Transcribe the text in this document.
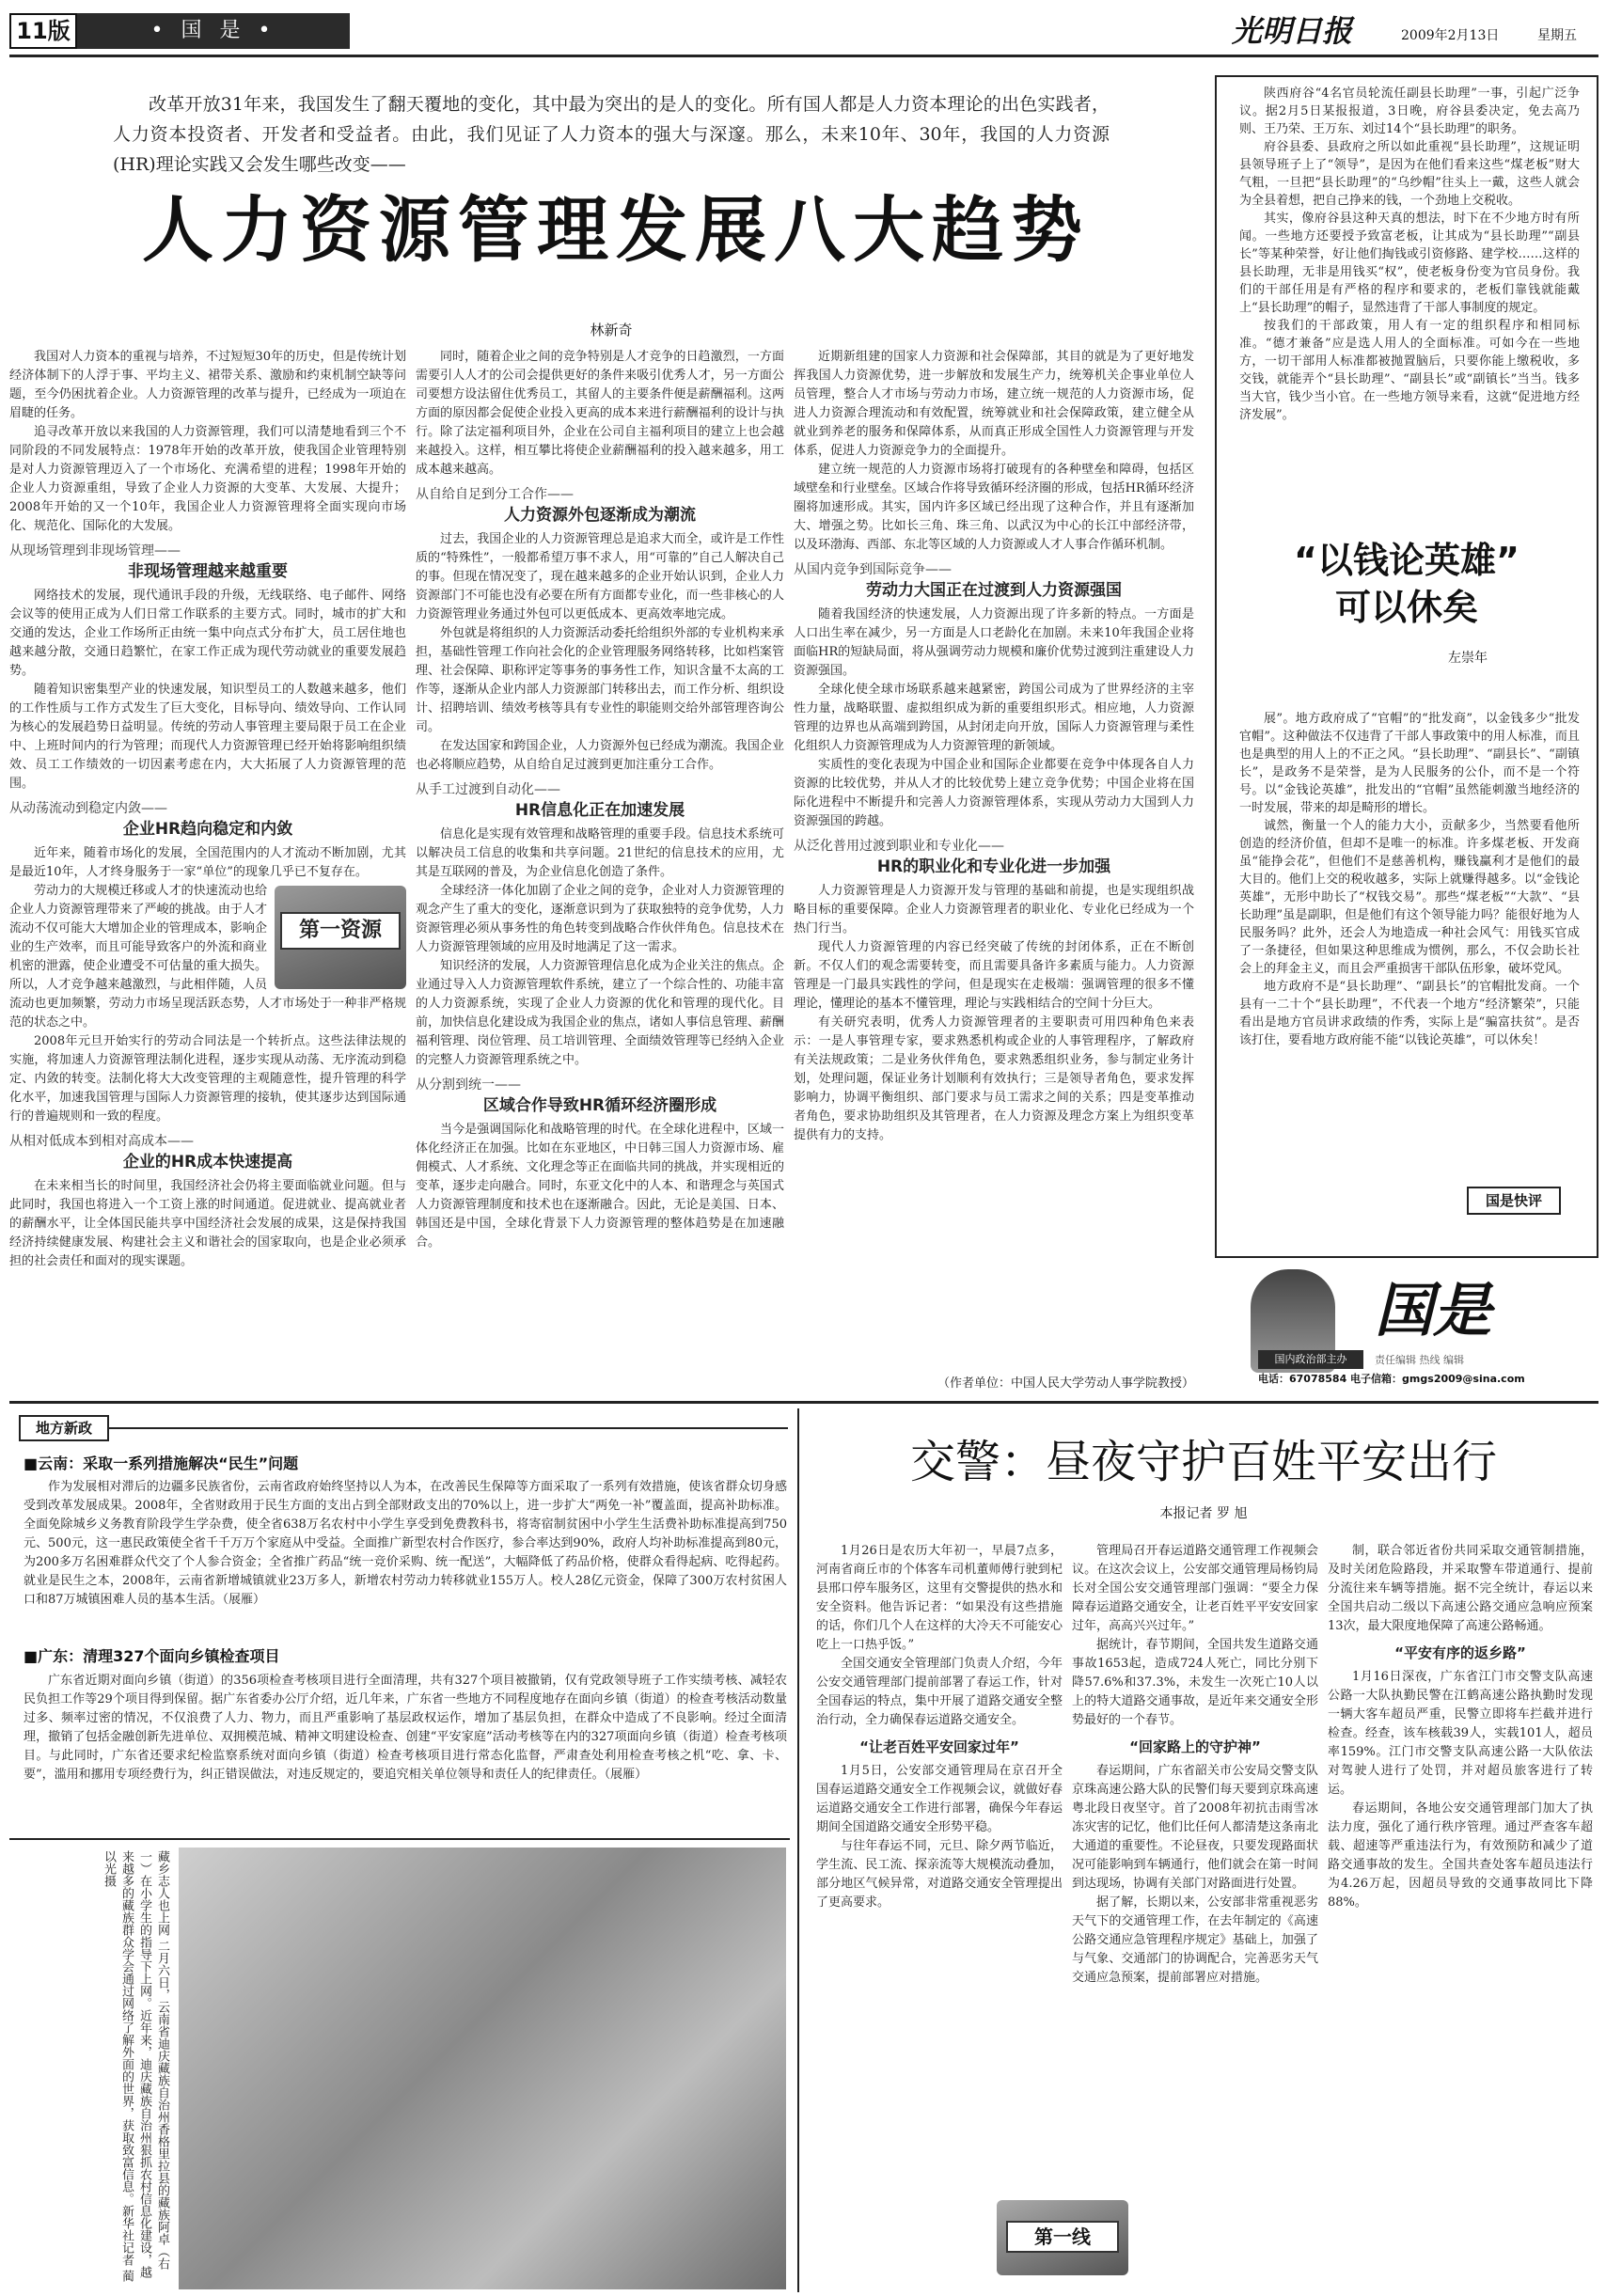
11版	• 国 是 •	光明日报	2009年2月13日	星期五
改革开放31年来，我国发生了翻天覆地的变化，其中最为突出的是人的变化。所有国人都是人力资本理论的出色实践者，人力资本投资者、开发者和受益者。由此，我们见证了人力资本的强大与深邃。那么，未来10年、30年，我国的人力资源(HR)理论实践又会发生哪些改变——
人力资源管理发展八大趋势
林新奇

我国对人力资本的重视与培养，不过短短30年的历史，但是传统计划经济体制下的人浮于事、平均主义、裙带关系、激励和约束机制空缺等问题，至今仍困扰着企业。人力资源管理的改革与提升，已经成为一项迫在眉睫的任务。

追寻改革开放以来我国的人力资源管理，我们可以清楚地看到三个不同阶段的不同发展特点：1978年开始的改革开放，使我国企业管理特别是对人力资源管理迈入了一个市场化、充满希望的进程；1998年开始的企业人力资源重组，导致了企业人力资源的大变革、大发展、大提升；2008年开始的又一个10年，我国企业人力资源管理将全面实现向市场化、规范化、国际化的大发展。

从现场管理到非现场管理——
非现场管理越来越重要

网络技术的发展，现代通讯手段的升级，无线联络、电子邮件、网络会议等的使用正成为人们日常工作联系的主要方式。同时，城市的扩大和交通的发达，企业工作场所正由统一集中向点式分布扩大，员工居住地也越来越分散，交通日趋繁忙，在家工作正成为现代劳动就业的重要发展趋势。

随着知识密集型产业的快速发展，知识型员工的人数越来越多，他们的工作性质与工作方式发生了巨大变化，目标导向、绩效导向、工作认同为核心的发展趋势日益明显。传统的劳动人事管理主要局限于员工在企业中、上班时间内的行为管理；而现代人力资源管理已经开始将影响组织绩效、员工工作绩效的一切因素考虑在内，大大拓展了人力资源管理的范围。

从动荡流动到稳定内敛——
企业HR趋向稳定和内敛

近年来，随着市场化的发展，全国范围内的人才流动不断加剧，尤其是最近10年，人才终身服务于一家“单位”的现象几乎已不复存在。

第一资源

劳动力的大规模迁移或人才的快速流动也给企业人力资源管理带来了严峻的挑战。由于人才流动不仅可能大大增加企业的管理成本，影响企业的生产效率，而且可能导致客户的外流和商业机密的泄露，使企业遭受不可估量的重大损失。所以，人才竞争越来越激烈，与此相伴随，人员流动也更加频繁，劳动力市场呈现活跃态势，人才市场处于一种非严格规范的状态之中。

2008年元旦开始实行的劳动合同法是一个转折点。这些法律法规的实施，将加速人力资源管理法制化进程，逐步实现从动荡、无序流动到稳定、内敛的转变。法制化将大大改变管理的主观随意性，提升管理的科学化水平，加速我国管理与国际人力资源管理的接轨，使其逐步达到国际通行的普遍规则和一致的程度。

从相对低成本到相对高成本——
企业的HR成本快速提高

在未来相当长的时间里，我国经济社会仍将主要面临就业问题。但与此同时，我国也将进入一个工资上涨的时间通道。促进就业、提高就业者的薪酬水平，让全体国民能共享中国经济社会发展的成果，这是保持我国经济持续健康发展、构建社会主义和谐社会的国家取向，也是企业必须承担的社会责任和面对的现实课题。

同时，随着企业之间的竞争特别是人才竞争的日趋激烈，一方面需要引人人才的公司会提供更好的条件来吸引优秀人才，另一方面公司要想方设法留住优秀员工，其留人的主要条件便是薪酬福利。这两方面的原因都会促使企业投入更高的成本来进行薪酬福利的设计与执行。除了法定福利项目外，企业在公司自主福利项目的建立上也会越来越投入。这样，相互攀比将使企业薪酬福利的投入越来越多，用工成本越来越高。

从自给自足到分工合作——
人力资源外包逐渐成为潮流

过去，我国企业的人力资源管理总是追求大而全，或许是工作性质的“特殊性”，一般都希望万事不求人，用“可靠的”自己人解决自己的事。但现在情况变了，现在越来越多的企业开始认识到，企业人力资源部门不可能也没有必要在所有方面都专业化，而一些非核心的人力资源管理业务通过外包可以更低成本、更高效率地完成。

外包就是将组织的人力资源活动委托给组织外部的专业机构来承担，基础性管理工作向社会化的企业管理服务网络转移，比如档案管理、社会保障、职称评定等事务的事务性工作，知识含量不太高的工作等，逐渐从企业内部人力资源部门转移出去，而工作分析、组织设计、招聘培训、绩效考核等具有专业性的职能则交给外部管理咨询公司。

在发达国家和跨国企业，人力资源外包已经成为潮流。我国企业也必将顺应趋势，从自给自足过渡到更加注重分工合作。

从手工过渡到自动化——
HR信息化正在加速发展

信息化是实现有效管理和战略管理的重要手段。信息技术系统可以解决员工信息的收集和共享问题。21世纪的信息技术的应用，尤其是互联网的普及，为企业信息化创造了条件。

全球经济一体化加剧了企业之间的竞争，企业对人力资源管理的观念产生了重大的变化，逐渐意识到为了获取独特的竞争优势，人力资源管理必须从事务性的角色转变到战略合作伙伴角色。信息技术在人力资源管理领域的应用及时地满足了这一需求。

知识经济的发展，人力资源管理信息化成为企业关注的焦点。企业通过导入人力资源管理软件系统，建立了一个综合性的、功能丰富的人力资源系统，实现了企业人力资源的优化和管理的现代化。目前，加快信息化建设成为我国企业的焦点，诸如人事信息管理、薪酬福利管理、岗位管理、员工培训管理、全面绩效管理等已经纳入企业的完整人力资源管理系统之中。

从分割到统一——
区域合作导致HR循环经济圈形成

当今是强调国际化和战略管理的时代。在全球化进程中，区域一体化经济正在加强。比如在东亚地区，中日韩三国人力资源市场、雇佣模式、人才系统、文化理念等正在面临共同的挑战，并实现相近的变革，逐步走向融合。同时，东亚文化中的人本、和谐理念与英国式人力资源管理制度和技术也在逐渐融合。因此，无论是美国、日本、韩国还是中国，全球化背景下人力资源管理的整体趋势是在加速融合。

近期新组建的国家人力资源和社会保障部，其目的就是为了更好地发挥我国人力资源优势，进一步解放和发展生产力，统筹机关企事业单位人员管理，整合人才市场与劳动力市场，建立统一规范的人力资源市场，促进人力资源合理流动和有效配置，统筹就业和社会保障政策，建立健全从就业到养老的服务和保障体系，从而真正形成全国性人力资源管理与开发体系，促进人力资源竞争力的全面提升。

建立统一规范的人力资源市场将打破现有的各种壁垒和障碍，包括区域壁垒和行业壁垒。区域合作将导致循环经济圈的形成，包括HR循环经济圈将加速形成。其实，国内许多区域已经出现了这种合作，并且有逐渐加大、增强之势。比如长三角、珠三角、以武汉为中心的长江中部经济带，以及环渤海、西部、东北等区域的人力资源或人才人事合作循环机制。

从国内竞争到国际竞争——
劳动力大国正在过渡到人力资源强国

随着我国经济的快速发展，人力资源出现了许多新的特点。一方面是人口出生率在减少，另一方面是人口老龄化在加剧。未来10年我国企业将面临HR的短缺局面，将从强调劳动力规模和廉价优势过渡到注重建设人力资源强国。

全球化使全球市场联系越来越紧密，跨国公司成为了世界经济的主宰性力量，战略联盟、虚拟组织成为新的重要组织形式。相应地，人力资源管理的边界也从高端到跨国，从封闭走向开放，国际人力资源管理与柔性化组织人力资源管理成为人力资源管理的新领域。

实质性的变化表现为中国企业和国际企业都要在竞争中体现各自人力资源的比较优势，并从人才的比较优势上建立竞争优势；中国企业将在国际化进程中不断提升和完善人力资源管理体系，实现从劳动力大国到人力资源强国的跨越。

从泛化普用过渡到职业和专业化——
HR的职业化和专业化进一步加强

人力资源管理是人力资源开发与管理的基础和前提，也是实现组织战略目标的重要保障。企业人力资源管理者的职业化、专业化已经成为一个热门行当。

现代人力资源管理的内容已经突破了传统的封闭体系，正在不断创新。不仅人们的观念需要转变，而且需要具备许多素质与能力。人力资源管理是一门最具实践性的学问，但是现实在走极端：强调管理的很多不懂理论，懂理论的基本不懂管理，理论与实践相结合的空间十分巨大。

有关研究表明，优秀人力资源管理者的主要职责可用四种角色来表示：一是人事管理专家，要求熟悉机构或企业的人事管理程序，了解政府有关法规政策；二是业务伙伴角色，要求熟悉组织业务，参与制定业务计划，处理问题，保证业务计划顺利有效执行；三是领导者角色，要求发挥影响力，协调平衡组织、部门要求与员工需求之间的关系；四是变革推动者角色，要求协助组织及其管理者，在人力资源及理念方案上为组织变革提供有力的支持。

（作者单位：中国人民大学劳动人事学院教授）

陕西府谷“4名官员轮流任副县长助理”一事，引起广泛争议。据2月5日某报报道，3日晚，府谷县委决定，免去高乃则、王乃荣、王万东、刘过14个“县长助理”的职务。

府谷县委、县政府之所以如此重视“县长助理”，这规证明县领导班子上了“领导”，是因为在他们看来这些“煤老板”财大气粗，一旦把“县长助理”的“乌纱帽”往头上一戴，这些人就会为全县着想，把自己挣来的钱，一个劲地上交税收。

其实，像府谷县这种天真的想法，时下在不少地方时有所闻。一些地方还要授予致富老板，让其成为“县长助理”“副县长”等某种荣誉，好让他们掏钱或引资修路、建学校……这样的县长助理，无非是用钱买“权”，使老板身份变为官员身份。我们的干部任用是有严格的程序和要求的，老板们靠钱就能戴上“县长助理”的帽子，显然违背了干部人事制度的规定。

按我们的干部政策，用人有一定的组织程序和相同标准。“德才兼备”应是选人用人的全面标准。可如今在一些地方，一切干部用人标准都被抛置脑后，只要你能上缴税收，多交钱，就能弄个“县长助理”、“副县长”或“副镇长”当当。钱多当大官，钱少当小官。在一些地方领导来看，这就“促进地方经济发展”。

“以钱论英雄”
可以休矣
左崇年

展”。地方政府成了“官帽”的“批发商”，以金钱多少“批发官帽”。这种做法不仅违背了干部人事政策中的用人标准，而且也是典型的用人上的不正之风。“县长助理”、“副县长”、“副镇长”，是政务不是荣誉，是为人民服务的公仆，而不是一个符号。以“金钱论英雄”，批发出的“官帽”虽然能刺激当地经济的一时发展，带来的却是畸形的增长。

诚然，衡量一个人的能力大小，贡献多少，当然要看他所创造的经济价值，但却不是唯一的标准。许多煤老板、开发商虽“能挣会花”，但他们不是慈善机构，赚钱赢利才是他们的最大目的。他们上交的税收越多，实际上就赚得越多。以“金钱论英雄”，无形中助长了“权钱交易”。那些“煤老板”“大款”、“县长助理”虽是副职，但是他们有这个领导能力吗？能很好地为人民服务吗？此外，还会人为地造成一种社会风气：用钱买官成了一条捷径，但如果这种思维成为惯例，那么，不仅会助长社会上的拜金主义，而且会严重损害干部队伍形象，破坏党风。

地方政府不是“县长助理”、“副县长”的官帽批发商。一个县有一二十个“县长助理”，不代表一个地方“经济繁荣”，只能看出是地方官员讲求政绩的作秀，实际上是“骗富扶贫”。是否该打住，要看地方政府能不能“以钱论英雄”，可以休矣！

国是快评
国是
国内政治部主办	责任编辑 热线 编辑
电话：67078584 电子信箱：gmgs2009@sina.com
地方新政
■云南：采取一系列措施解决“民生”问题
作为发展相对滞后的边疆多民族省份，云南省政府始终坚持以人为本，在改善民生保障等方面采取了一系列有效措施，使该省群众切身感受到改革发展成果。2008年，全省财政用于民生方面的支出占到全部财政支出的70%以上，进一步扩大“两免一补”覆盖面，提高补助标准。全面免除城乡义务教育阶段学生学杂费，使全省638万名农村中小学生享受到免费教科书，将寄宿制贫困中小学生生活费补助标准提高到750元、500元，这一惠民政策使全省千千万万个家庭从中受益。全面推广新型农村合作医疗，参合率达到90%，政府人均补助标准提高到80元，为200多万名困难群众代交了个人参合资金；全省推广药品“统一竞价采购、统一配送”，大幅降低了药品价格，使群众看得起病、吃得起药。就业是民生之本，2008年，云南省新增城镇就业23万多人，新增农村劳动力转移就业155万人。校人28亿元资金，保障了300万农村贫困人口和87万城镇困难人员的基本生活。（展雁）
■广东：清理327个面向乡镇检查项目
广东省近期对面向乡镇（街道）的356项检查考核项目进行全面清理，共有327个项目被撤销，仅有党政领导班子工作实绩考核、减轻农民负担工作等29个项目得到保留。据广东省委办公厅介绍，近几年来，广东省一些地方不同程度地存在面向乡镇（街道）的检查考核活动数量过多、频率过密的情况，不仅浪费了人力、物力，而且严重影响了基层政权运作，增加了基层负担，在群众中造成了不良影响。经过全面清理，撤销了包括金融创新先进单位、双拥模范城、精神文明建设检查、创建“平安家庭”活动考核等在内的327项面向乡镇（街道）检查考核项目。与此同时，广东省还要求纪检监察系统对面向乡镇（街道）检查考核项目进行常态化监督，严肃查处利用检查考核之机“吃、拿、卡、要”，滥用和挪用专项经费行为，纠正错误做法，对违反规定的，要追究相关单位领导和责任人的纪律责任。（展雁）
藏乡志人也上网 二月六日，云南省迪庆藏族自治州香格里拉县的藏族阿卓（右一）在小学生的指导下上网。近年来，迪庆藏族自治州狠抓农村信息化建设，越来越多的藏族群众学会通过网络了解外面的世界，获取致富信息。新华社记者 蔺以光摄
交警：昼夜守护百姓平安出行
本报记者 罗 旭

1月26日是农历大年初一，早晨7点多，河南省商丘市的个体客车司机董师傅行驶到杞县邢口停车服务区，这里有交警提供的热水和安全资料。他告诉记者：“如果没有这些措施的话，你们几个人在这样的大冷天不可能安心吃上一口热乎饭。”

全国交通安全管理部门负责人介绍，今年公安交通管理部门提前部署了春运工作，针对全国春运的特点，集中开展了道路交通安全整治行动，全力确保春运道路交通安全。

“让老百姓平安回家过年”

1月5日，公安部交通管理局在京召开全国春运道路交通安全工作视频会议，就做好春运道路交通安全工作进行部署，确保今年春运期间全国道路交通安全形势平稳。

与往年春运不同，元旦、除夕两节临近，学生流、民工流、探亲流等大规模流动叠加，部分地区气候异常，对道路交通安全管理提出了更高要求。

管理局召开春运道路交通管理工作视频会议。在这次会议上，公安部交通管理局杨钧局长对全国公安交通管理部门强调：“要全力保障春运道路交通安全，让老百姓平平安安回家过年，高高兴兴过年。”

据统计，春节期间，全国共发生道路交通事故1653起，造成724人死亡，同比分别下降57.6%和37.3%，未发生一次死亡10人以上的特大道路交通事故，是近年来交通安全形势最好的一个春节。

“回家路上的守护神”

春运期间，广东省韶关市公安局交警支队京珠高速公路大队的民警们每天要到京珠高速粤北段日夜坚守。首了2008年初抗击雨雪冰冻灾害的记忆，他们比任何人都清楚这条南北大通道的重要性。不论昼夜，只要发现路面状况可能影响到车辆通行，他们就会在第一时间到达现场，协调有关部门对路面进行处置。

据了解，长期以来，公安部非常重视恶劣天气下的交通管理工作，在去年制定的《高速公路交通应急管理程序规定》基础上，加强了与气象、交通部门的协调配合，完善恶劣天气交通应急预案，提前部署应对措施。

制，联合邻近省份共同采取交通管制措施，及时关闭危险路段，并采取警车带道通行、提前分流往来车辆等措施。据不完全统计，春运以来全国共启动二级以下高速公路交通应急响应预案13次，最大限度地保障了高速公路畅通。

“平安有序的返乡路”

1月16日深夜，广东省江门市交警支队高速公路一大队执勤民警在江鹤高速公路执勤时发现一辆大客车超员严重，民警立即将车拦截并进行检查。经查，该车核载39人，实载101人，超员率159%。江门市交警支队高速公路一大队依法对驾驶人进行了处罚，并对超员旅客进行了转运。

春运期间，各地公安交通管理部门加大了执法力度，强化了通行秩序管理。通过严查客车超载、超速等严重违法行为，有效预防和减少了道路交通事故的发生。全国共查处客车超员违法行为4.26万起，因超员导致的交通事故同比下降88%。

第一线
